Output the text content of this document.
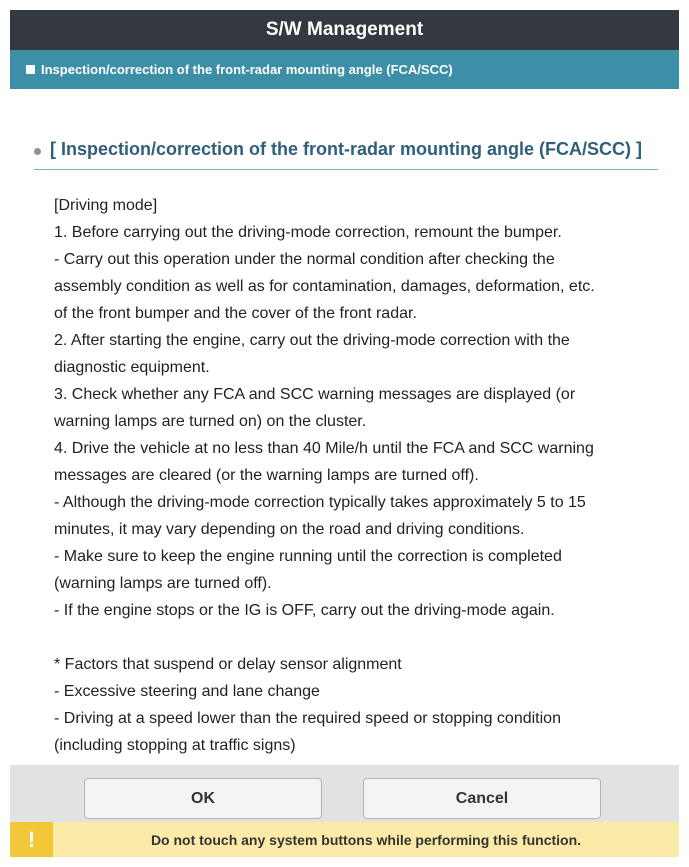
S/W Management
Inspection/correction of the front-radar mounting angle (FCA/SCC)
[ Inspection/correction of the front-radar mounting angle (FCA/SCC) ]
[Driving mode]
1. Before carrying out the driving-mode correction, remount the bumper.
- Carry out this operation under the normal condition after checking the
assembly condition as well as for contamination, damages, deformation, etc.
of the front bumper and the cover of the front radar.
2. After starting the engine, carry out the driving-mode correction with the
diagnostic equipment.
3. Check whether any FCA and SCC warning messages are displayed (or
warning lamps are turned on) on the cluster.
4. Drive the vehicle at no less than 40 Mile/h until the FCA and SCC warning
messages are cleared (or the warning lamps are turned off).
- Although the driving-mode correction typically takes approximately 5 to 15
minutes, it may vary depending on the road and driving conditions.
- Make sure to keep the engine running until the correction is completed
(warning lamps are turned off).
- If the engine stops or the IG is OFF, carry out the driving-mode again.
* Factors that suspend or delay sensor alignment
- Excessive steering and lane change
- Driving at a speed lower than the required speed or stopping condition
(including stopping at traffic signs)
OK	Cancel
!	Do not touch any system buttons while performing this function.
